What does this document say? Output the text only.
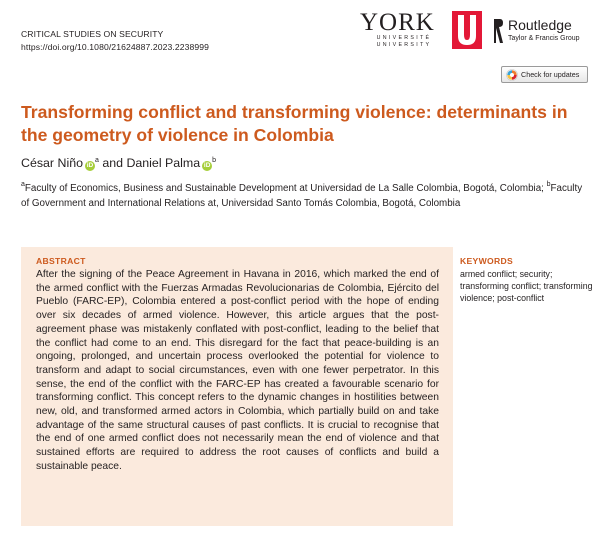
CRITICAL STUDIES ON SECURITY
https://doi.org/10.1080/21624887.2023.2238999
YORK
UNIVERSITÉ UNIVERSITY
Routledge
Taylor & Francis Group
Check for updates
Transforming conflict and transforming violence: determinants in the geometry of violence in Colombia
César Niño $iD^a$ and Daniel Palma $iD^b$
$^a$Faculty of Economics, Business and Sustainable Development at Universidad de La Salle Colombia, Bogotá, Colombia; $^b$Faculty of Government and International Relations at, Universidad Santo Tomás Colombia, Bogotá, Colombia
ABSTRACT

After the signing of the Peace Agreement in Havana in 2016, which marked the end of the armed conflict with the Fuerzas Armadas Revolucionarias de Colombia, Ejército del Pueblo (FARC-EP), Colombia entered a post-conflict period with the hope of ending over six decades of armed violence. However, this article argues that the post-agreement phase was mistakenly conflated with post-conflict, leading to the belief that the conflict had come to an end. This disregard for the fact that peace-building is an ongoing, prolonged, and uncertain process overlooked the potential for violence to transform and adapt to social circumstances, even with one fewer perpetrator. In this sense, the end of the conflict with the FARC-EP has created a favourable scenario for transforming conflict. This concept refers to the dynamic changes in hostilities between new, old, and transformed armed actors in Colombia, which partially build on and take advantage of the same structural causes of past conflicts. It is crucial to recognise that the end of one armed conflict does not necessarily mean the end of violence and that sustained efforts are required to address the root causes of conflicts and build a sustainable peace.

KEYWORDS
armed conflict; security; transforming conflict; transforming violence; post-conflict
